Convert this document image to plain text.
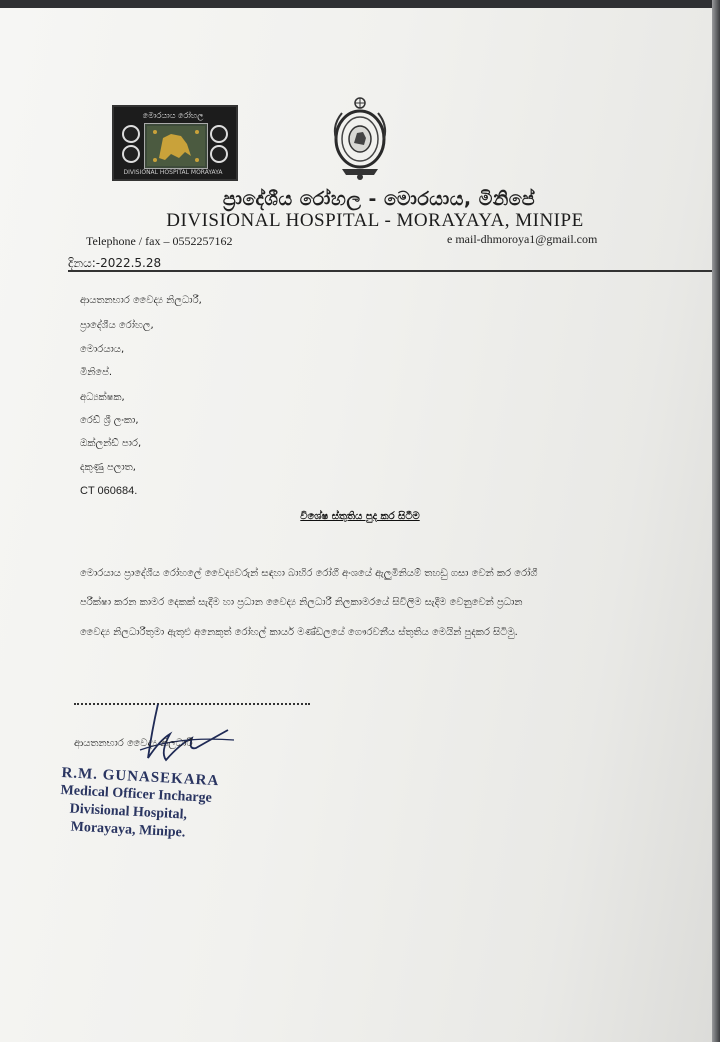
මොරයාය රෝහල
DIVISIONAL HOSPITAL MORAYAYA
ප්‍රාදේශීය රෝහල - මොරයාය, මිනිපේ
DIVISIONAL HOSPITAL - MORAYAYA, MINIPE
Telephone / fax – 0552257162	e mail-dhmoroya1@gmail.com
දිනය:-2022.5.28
ආයතනභාර වෛද්‍ය නිලධාරී,
ප්‍රාදේශීය රෝහල,
මොරයාය,
මිනිපේ.
අධ්‍යක්ෂක,
රෙඩ් ශ්‍රී ලංකා,
ඔක්ලන්ඩ් පාර,
දකුණු පලාත,
CT 060684.
විශේෂ ස්තුතිය පුද කර සිටීම
මොරයාය ප්‍රාදේශීය රෝහලේ වෛද්‍යවරුන් සඳහා බාහිර රෝගී අංශයේ ඇලුමිනියම් තහඩු ගසා වෙන් කර රෝගී
පරීක්ෂා කරන කාමර දෙකක් සැදීම හා ප්‍රධාන වෛද්‍ය නිලධාරී නිලකාමරයේ සිවිලිම සැදීම වෙනුවෙන් ප්‍රධාන
වෛද්‍ය නිලධාරීතුමා ඇතුළු අනෙකුත් රෝහල් කාර්ය මණ්ඩලයේ ගෞරවනීය ස්තුතිය මෙයින් පුදකර සිටිමු.
ආයතනභාර වෛද්‍ය නිලධාරී
R.M. GUNASEKARA
Medical Officer Incharge
Divisional Hospital,
Morayaya, Minipe.
